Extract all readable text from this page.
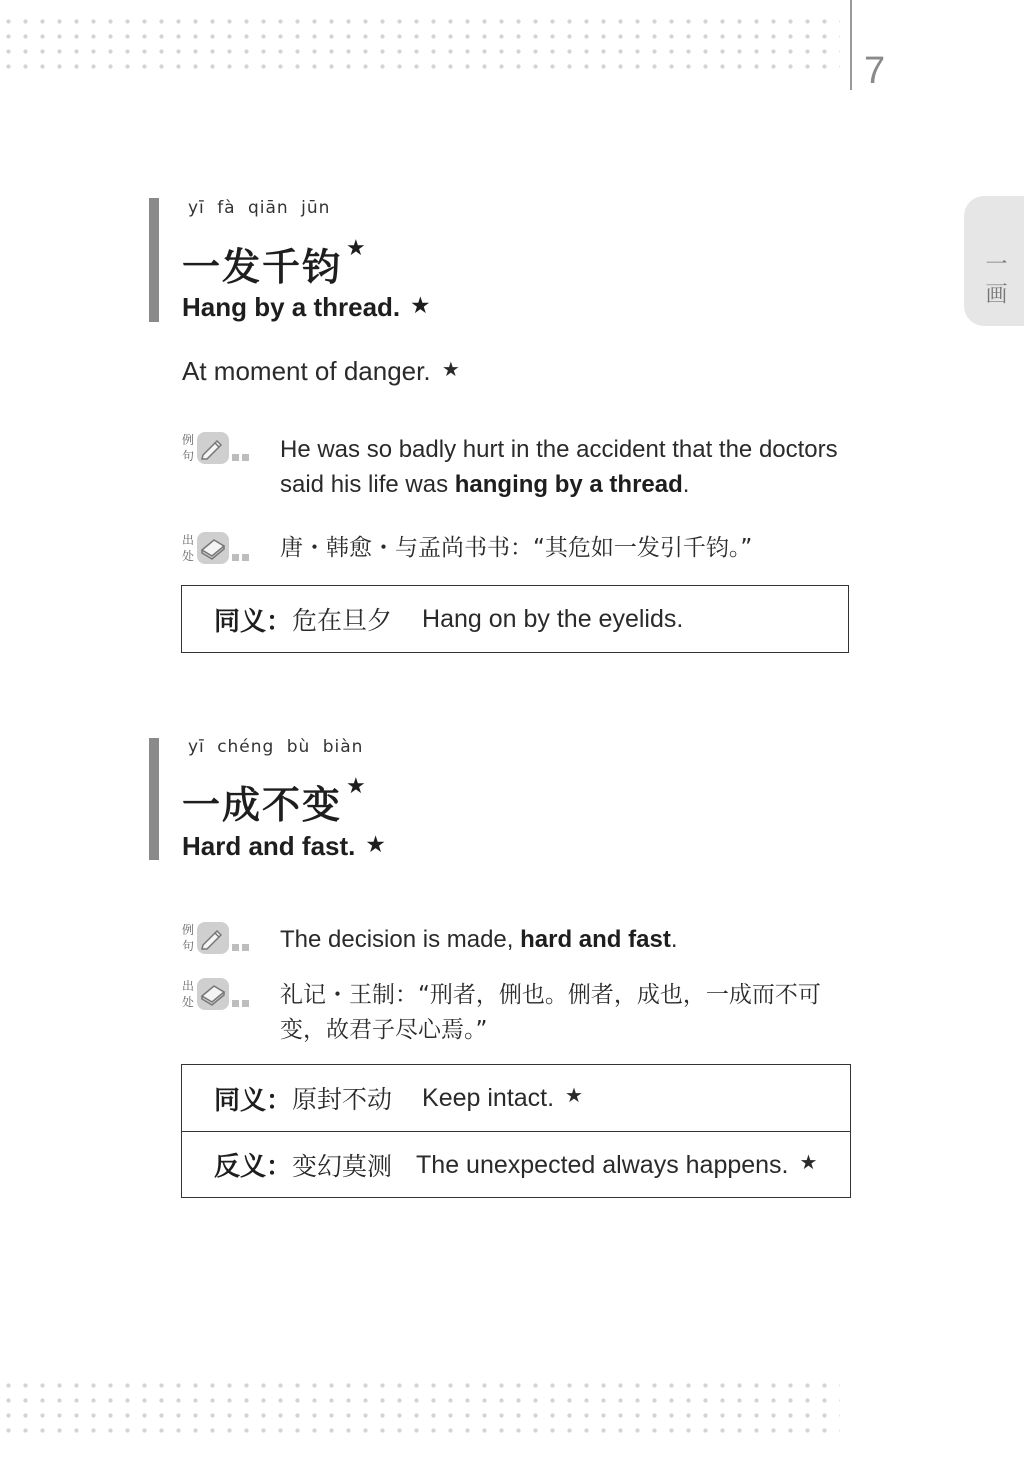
7
一画
yī fà qiān jūn
一发千钧 ★
Hang by a thread. ★
At moment of danger. ★
例句	He was so badly hurt in the accident that the doctors said his life was hanging by a thread.
出处	唐・韩愈・与孟尚书书：“其危如一发引千钧。”
同义： 危在旦夕 Hang on by the eyelids.
yī chéng bù biàn
一成不变 ★
Hard and fast. ★
例句	The decision is made, hard and fast.
出处	礼记・王制：“刑者，侀也。侀者，成也，一成而不可变，故君子尽心焉。”
同义： 原封不动 Keep intact. ★
反义： 变幻莫测 The unexpected always happens. ★
